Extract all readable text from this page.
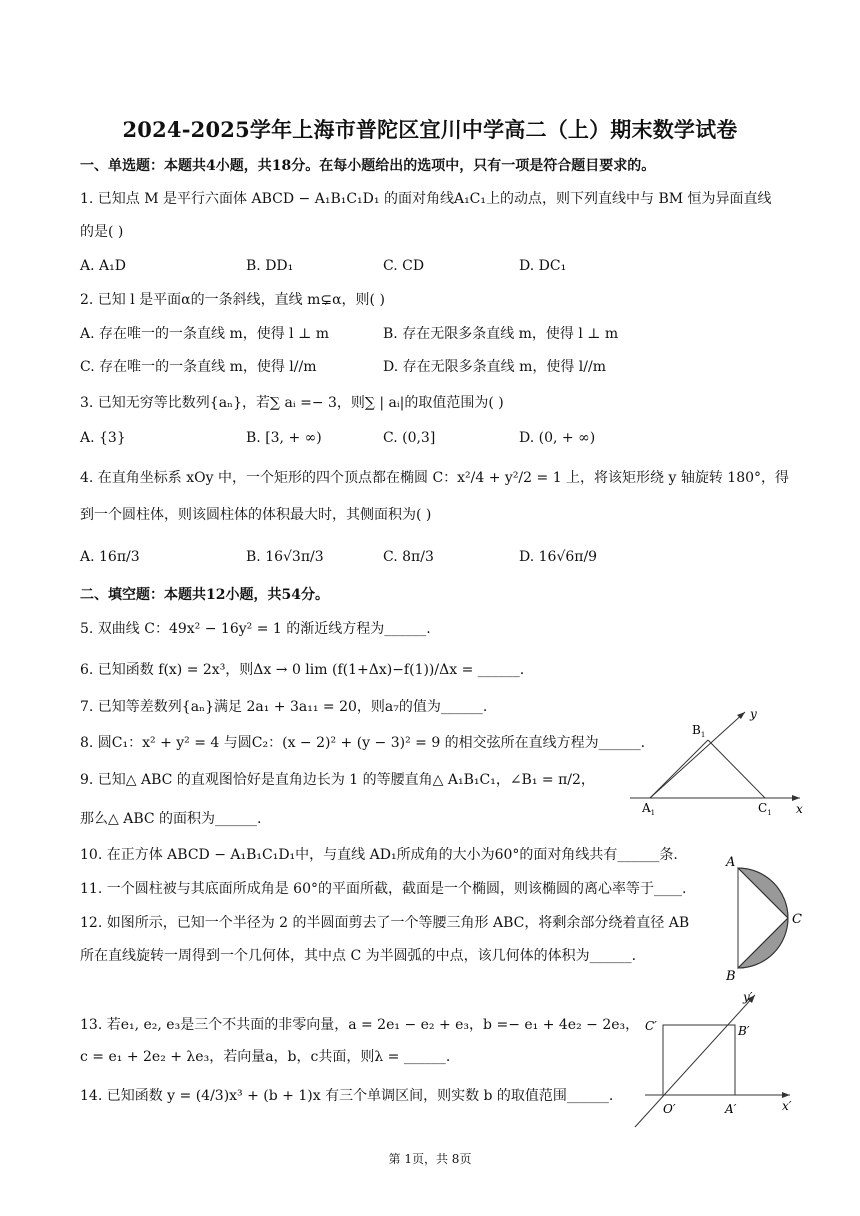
2024-2025学年上海市普陀区宜川中学高二（上）期末数学试卷
一、单选题：本题共4小题，共18分。在每小题给出的选项中，只有一项是符合题目要求的。
1. 已知点 M 是平行六面体 ABCD − A₁B₁C₁D₁ 的面对角线A₁C₁上的动点，则下列直线中与 BM 恒为异面直线
的是( )
A. A₁D	B. DD₁	C. CD	D. DC₁
2. 已知 l 是平面α的一条斜线，直线 m⊊α，则( )
A. 存在唯一的一条直线 m，使得 l ⊥ m	B. 存在无限多条直线 m，使得 l ⊥ m
C. 存在唯一的一条直线 m，使得 l//m	D. 存在无限多条直线 m，使得 l//m
3. 已知无穷等比数列{aₙ}，若∑ aᵢ =− 3，则∑ | aᵢ|的取值范围为( )
A. {3}	B. [3, + ∞)	C. (0,3]	D. (0, + ∞)
4. 在直角坐标系 xOy 中，一个矩形的四个顶点都在椭圆 C：x²/4 + y²/2 = 1 上，将该矩形绕 y 轴旋转 180°，得
到一个圆柱体，则该圆柱体的体积最大时，其侧面积为( )
A. 16π/3	B. 16√3π/3	C. 8π/3	D. 16√6π/9
二、填空题：本题共12小题，共54分。
5. 双曲线 C：49x² − 16y² = 1 的渐近线方程为______.
6. 已知函数 f(x) = 2x³，则Δx → 0 lim (f(1+Δx)−f(1))/Δx = ______.
7. 已知等差数列{aₙ}满足 2a₁ + 3a₁₁ = 20，则a₇的值为______.
8. 圆C₁：x² + y² = 4 与圆C₂：(x − 2)² + (y − 3)² = 9 的相交弦所在直线方程为______.
9. 已知△ ABC 的直观图恰好是直角边长为 1 的等腰直角△ A₁B₁C₁，∠B₁ = π/2，
那么△ ABC 的面积为______.
10. 在正方体 ABCD − A₁B₁C₁D₁中，与直线 AD₁所成角的大小为60°的面对角线共有______条.
11. 一个圆柱被与其底面所成角是 60°的平面所截，截面是一个椭圆，则该椭圆的离心率等于____.
12. 如图所示，已知一个半径为 2 的半圆面剪去了一个等腰三角形 ABC，将剩余部分绕着直径 AB
所在直线旋转一周得到一个几何体，其中点 C 为半圆弧的中点，该几何体的体积为______.
13. 若e₁, e₂, e₃是三个不共面的非零向量，a = 2e₁ − e₂ + e₃，b =− e₁ + 4e₂ − 2e₃，
c = e₁ + 2e₂ + λe₃，若向量a，b，c共面，则λ = ______.
14. 已知函数 y = (4/3)x³ + (b + 1)x 有三个单调区间，则实数 b 的取值范围______.
$B_1$
$A_1$	$C_1$
y
x
A
B
C
C′	B′
O′	A′	x′
y′
第 1页，共 8页
